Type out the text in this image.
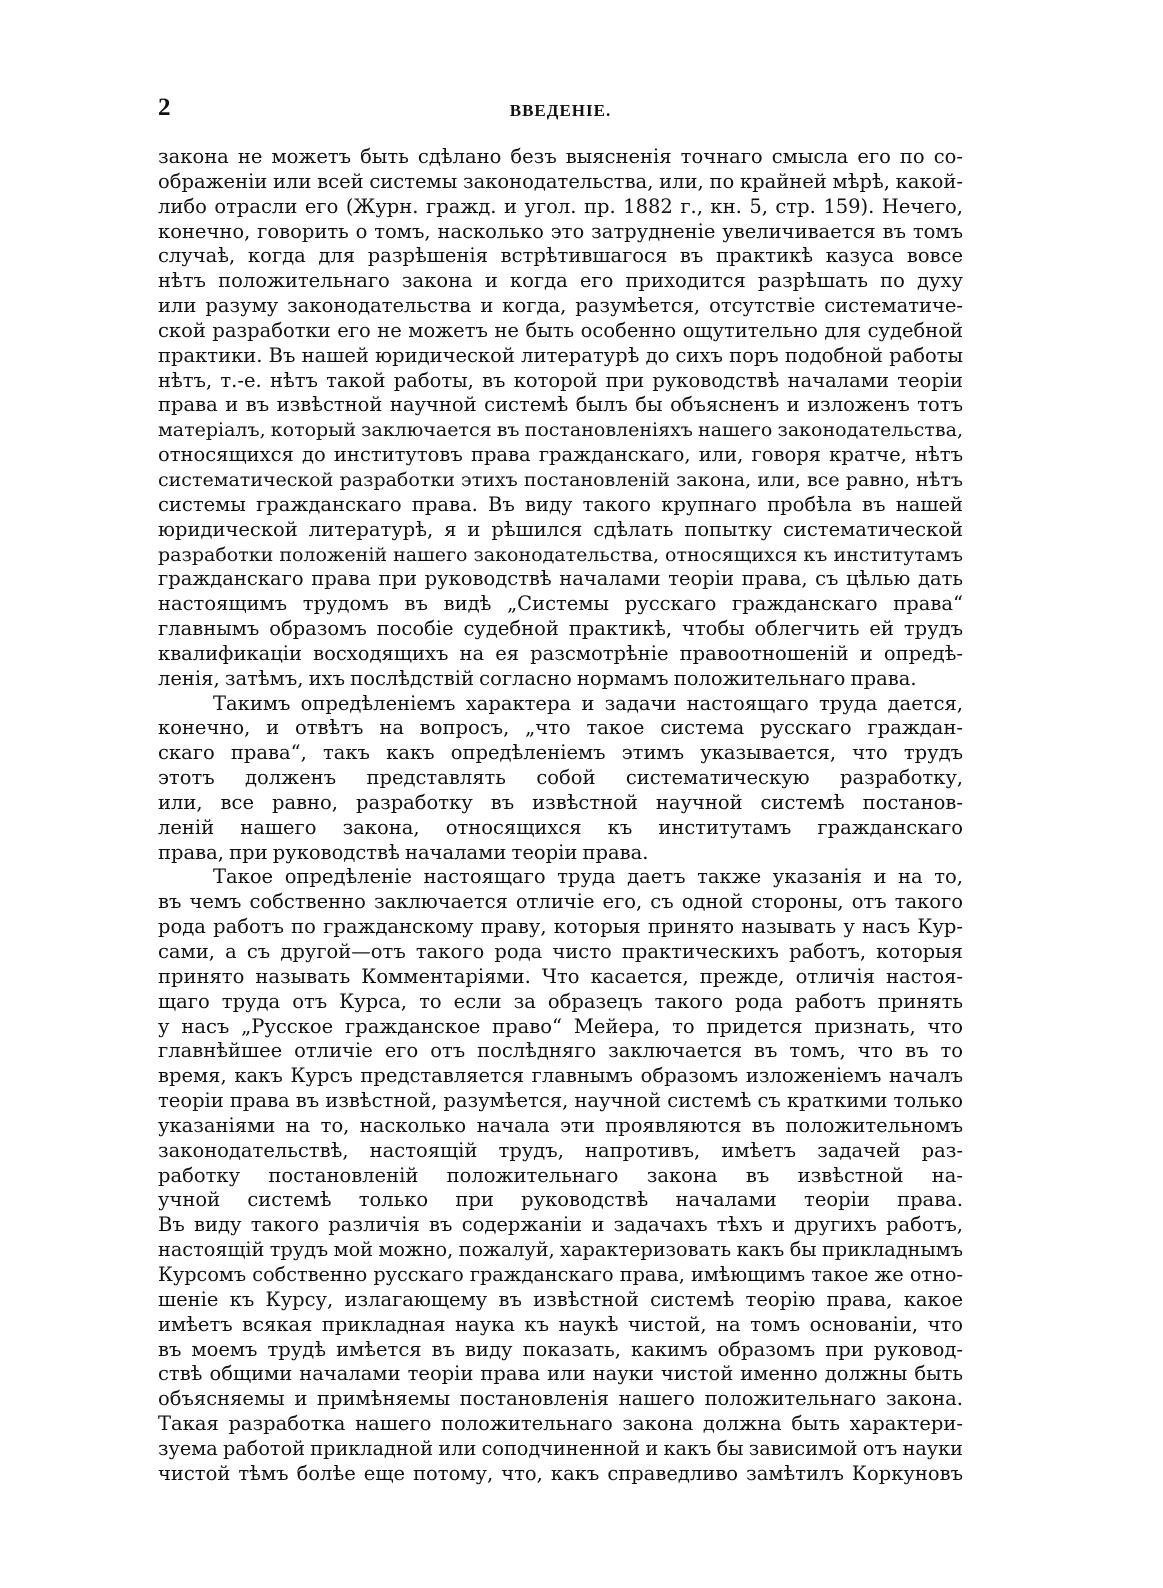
2	ВВЕДЕНІЕ.
закона не можетъ быть сдѣлано безъ выясненія точнаго смысла его по со-
ображеніи или всей системы законодательства, или, по крайней мѣрѣ, какой-
либо отрасли его (Журн. гражд. и угол. пр. 1882 г., кн. 5, стр. 159). Нечего,
конечно, говорить о томъ, насколько это затрудненіе увеличивается въ томъ
случаѣ, когда для разрѣшенія встрѣтившагося въ практикѣ казуса вовсе
нѣтъ положительнаго закона и когда его приходится разрѣшать по духу
или разуму законодательства и когда, разумѣется, отсутствіе систематиче-
ской разработки его не можетъ не быть особенно ощутительно для судебной
практики. Въ нашей юридической литературѣ до сихъ поръ подобной работы
нѣтъ, т.-е. нѣтъ такой работы, въ которой при руководствѣ началами теоріи
права и въ извѣстной научной системѣ былъ бы объясненъ и изложенъ тотъ
матеріалъ, который заключается въ постановленіяхъ нашего законодательства,
относящихся до институтовъ права гражданскаго, или, говоря кратче, нѣтъ
систематической разработки этихъ постановленій закона, или, все равно, нѣтъ
системы гражданскаго права. Въ виду такого крупнаго пробѣла въ нашей
юридической литературѣ, я и рѣшился сдѣлать попытку систематической
разработки положеній нашего законодательства, относящихся къ институтамъ
гражданскаго права при руководствѣ началами теоріи права, съ цѣлью дать
настоящимъ трудомъ въ видѣ „Системы русскаго гражданскаго права“
главнымъ образомъ пособіе судебной практикѣ, чтобы облегчить ей трудъ
квалификаціи восходящихъ на ея разсмотрѣніе правоотношеній и опредѣ-
ленія, затѣмъ, ихъ послѣдствій согласно нормамъ положительнаго права.
Такимъ опредѣленіемъ характера и задачи настоящаго труда дается,
конечно, и отвѣтъ на вопросъ, „что такое система русскаго граждан-
скаго права“, такъ какъ опредѣленіемъ этимъ указывается, что трудъ
этотъ долженъ представлять собой систематическую разработку,
или, все равно, разработку въ извѣстной научной системѣ постанов-
леній нашего закона, относящихся къ институтамъ гражданскаго
права, при руководствѣ началами теоріи права.
Такое опредѣленіе настоящаго труда даетъ также указанія и на то,
въ чемъ собственно заключается отличіе его, съ одной стороны, отъ такого
рода работъ по гражданскому праву, которыя принято называть у насъ Кур-
сами, а съ другой—отъ такого рода чисто практическихъ работъ, которыя
принято называть Комментаріями. Что касается, прежде, отличія настоя-
щаго труда отъ Курса, то если за образецъ такого рода работъ принять
у насъ „Русское гражданское право“ Мейера, то придется признать, что
главнѣйшее отличіе его отъ послѣдняго заключается въ томъ, что въ то
время, какъ Курсъ представляется главнымъ образомъ изложеніемъ началъ
теоріи права въ извѣстной, разумѣется, научной системѣ съ краткими только
указаніями на то, насколько начала эти проявляются въ положительномъ
законодательствѣ, настоящій трудъ, напротивъ, имѣетъ задачей раз-
работку постановленій положительнаго закона въ извѣстной на-
учной системѣ только при руководствѣ началами теоріи права.
Въ виду такого различія въ содержаніи и задачахъ тѣхъ и другихъ работъ,
настоящій трудъ мой можно, пожалуй, характеризовать какъ бы прикладнымъ
Курсомъ собственно русскаго гражданскаго права, имѣющимъ такое же отно-
шеніе къ Курсу, излагающему въ извѣстной системѣ теорію права, какое
имѣетъ всякая прикладная наука къ наукѣ чистой, на томъ основаніи, что
въ моемъ трудѣ имѣется въ виду показать, какимъ образомъ при руковод-
ствѣ общими началами теоріи права или науки чистой именно должны быть
объясняемы и примѣняемы постановленія нашего положительнаго закона.
Такая разработка нашего положительнаго закона должна быть характери-
зуема работой прикладной или соподчиненной и какъ бы зависимой отъ науки
чистой тѣмъ болѣе еще потому, что, какъ справедливо замѣтилъ Коркуновъ
